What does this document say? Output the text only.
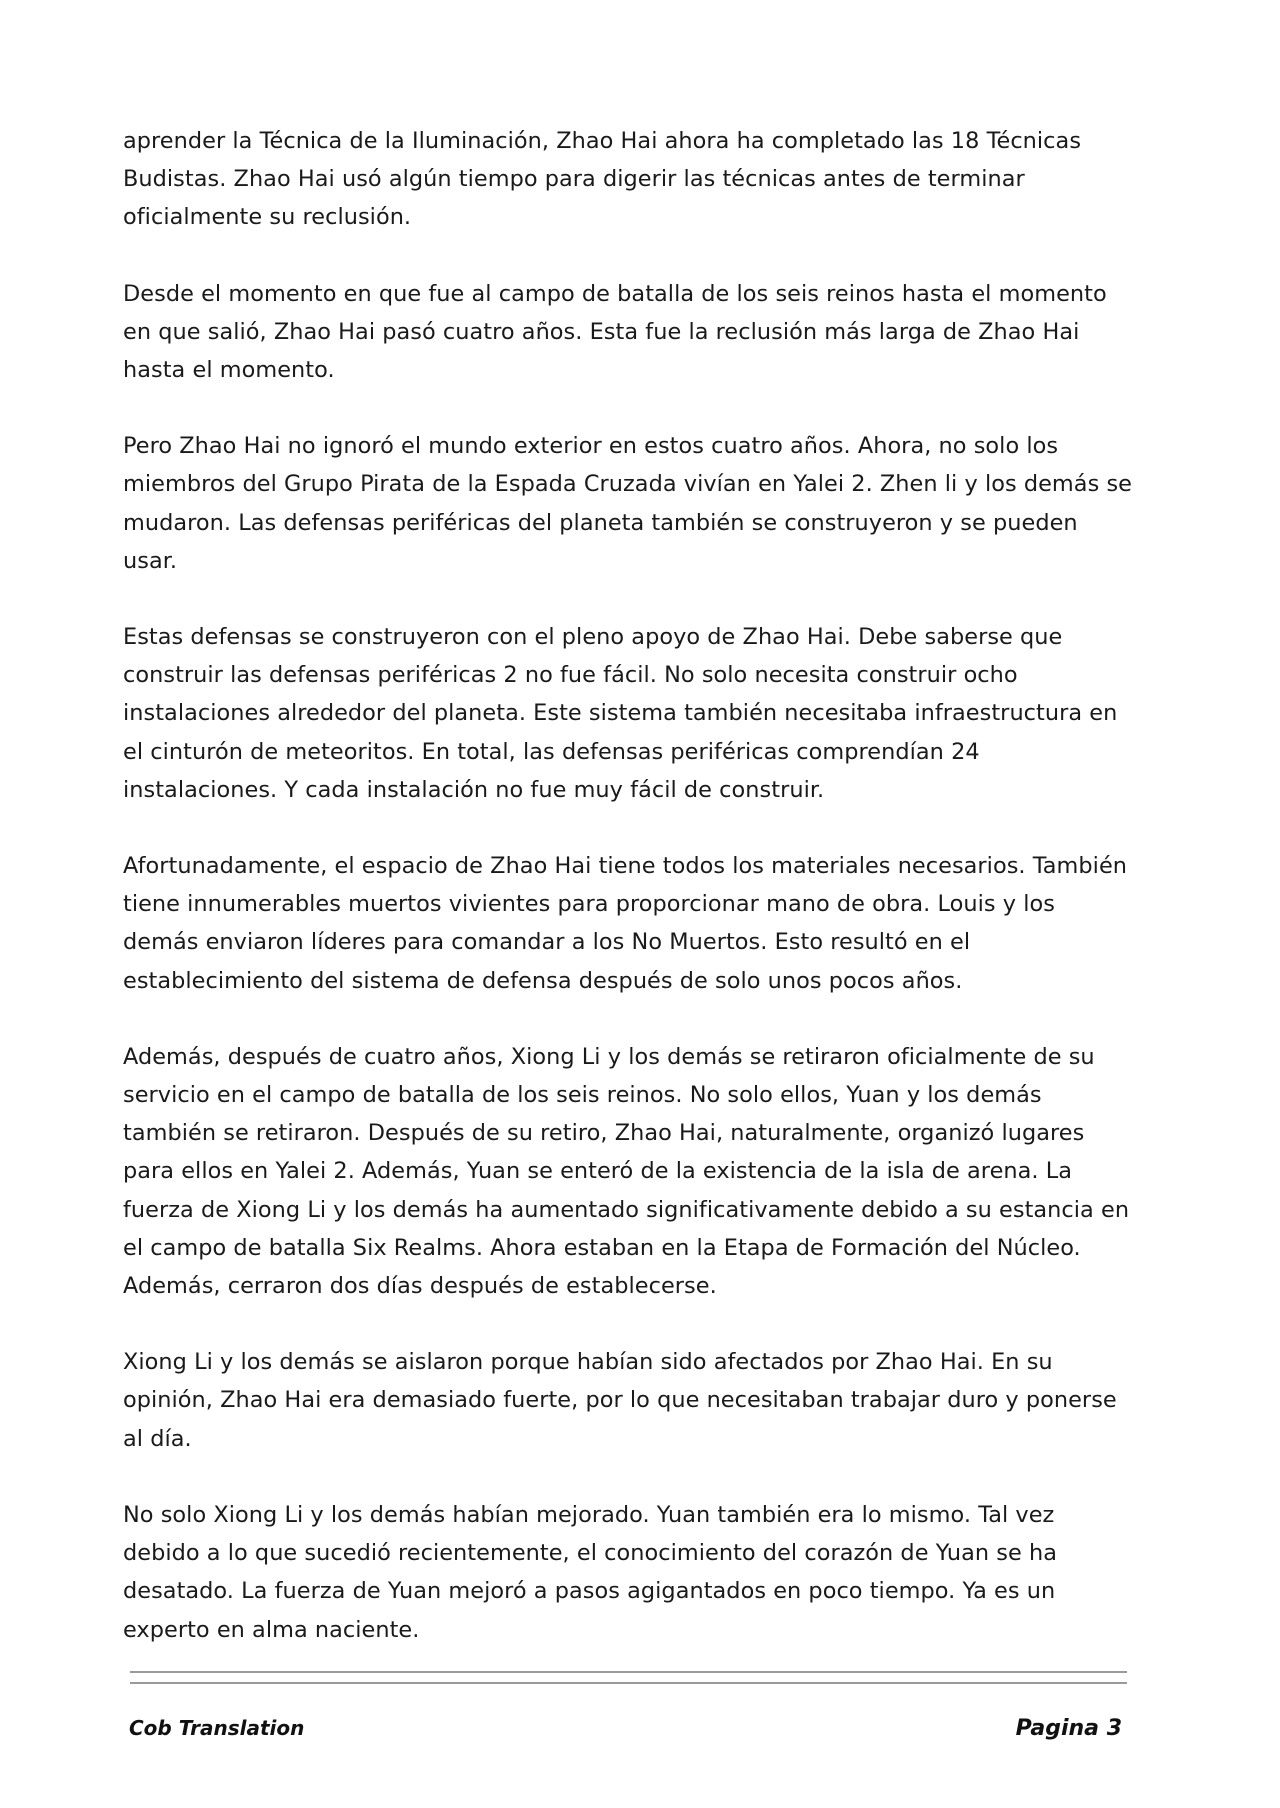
aprender la Técnica de la Iluminación, Zhao Hai ahora ha completado las 18 Técnicas Budistas. Zhao Hai usó algún tiempo para digerir las técnicas antes de terminar oficialmente su reclusión.

Desde el momento en que fue al campo de batalla de los seis reinos hasta el momento en que salió, Zhao Hai pasó cuatro años. Esta fue la reclusión más larga de Zhao Hai hasta el momento.

Pero Zhao Hai no ignoró el mundo exterior en estos cuatro años. Ahora, no solo los miembros del Grupo Pirata de la Espada Cruzada vivían en Yalei 2. Zhen li y los demás se mudaron. Las defensas periféricas del planeta también se construyeron y se pueden usar.

Estas defensas se construyeron con el pleno apoyo de Zhao Hai. Debe saberse que construir las defensas periféricas 2 no fue fácil. No solo necesita construir ocho instalaciones alrededor del planeta. Este sistema también necesitaba infraestructura en el cinturón de meteoritos. En total, las defensas periféricas comprendían 24 instalaciones. Y cada instalación no fue muy fácil de construir.

Afortunadamente, el espacio de Zhao Hai tiene todos los materiales necesarios. También tiene innumerables muertos vivientes para proporcionar mano de obra. Louis y los demás enviaron líderes para comandar a los No Muertos. Esto resultó en el establecimiento del sistema de defensa después de solo unos pocos años.

Además, después de cuatro años, Xiong Li y los demás se retiraron oficialmente de su servicio en el campo de batalla de los seis reinos. No solo ellos, Yuan y los demás también se retiraron. Después de su retiro, Zhao Hai, naturalmente, organizó lugares para ellos en Yalei 2. Además, Yuan se enteró de la existencia de la isla de arena. La fuerza de Xiong Li y los demás ha aumentado significativamente debido a su estancia en el campo de batalla Six Realms. Ahora estaban en la Etapa de Formación del Núcleo. Además, cerraron dos días después de establecerse.

Xiong Li y los demás se aislaron porque habían sido afectados por Zhao Hai. En su opinión, Zhao Hai era demasiado fuerte, por lo que necesitaban trabajar duro y ponerse al día.

No solo Xiong Li y los demás habían mejorado. Yuan también era lo mismo. Tal vez debido a lo que sucedió recientemente, el conocimiento del corazón de Yuan se ha desatado. La fuerza de Yuan mejoró a pasos agigantados en poco tiempo. Ya es un experto en alma naciente.

Cob Translation	Pagina 3
